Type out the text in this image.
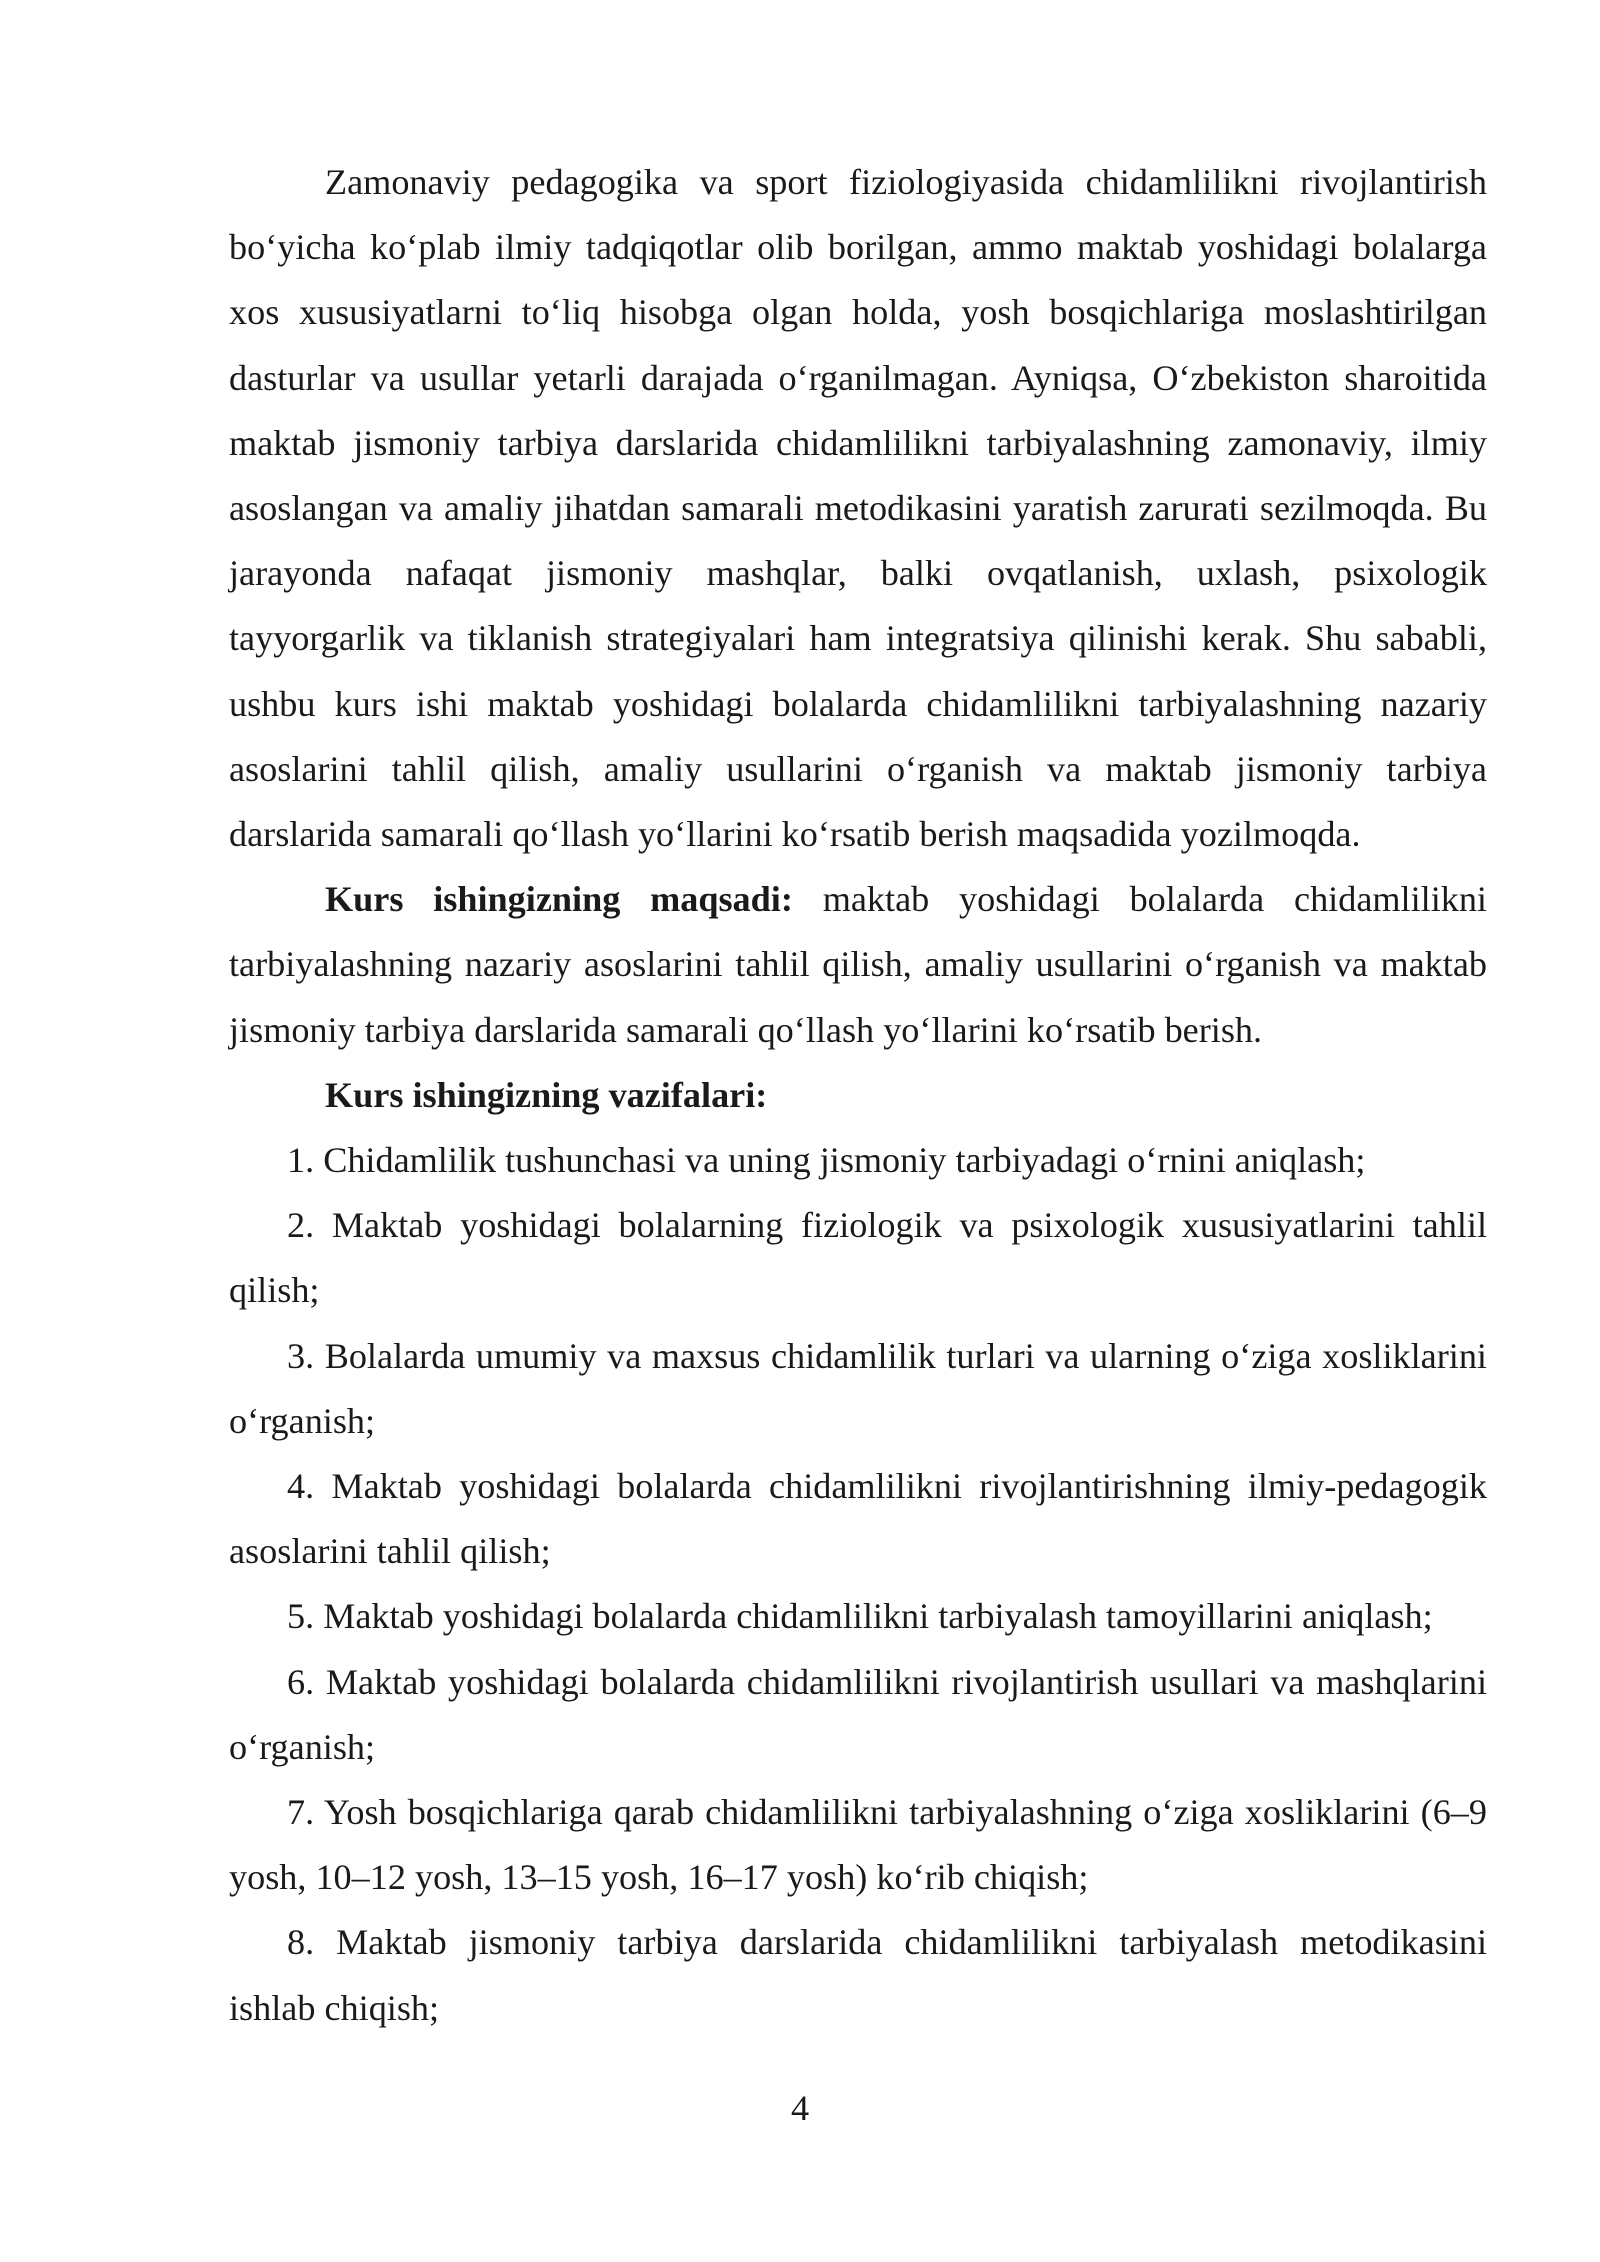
Zamonaviy pedagogika va sport fiziologiyasida chidamlilikni rivojlantirish bo‘yicha ko‘plab ilmiy tadqiqotlar olib borilgan, ammo maktab yoshidagi bolalarga xos xususiyatlarni to‘liq hisobga olgan holda, yosh bosqichlariga moslashtirilgan dasturlar va usullar yetarli darajada o‘rganilmagan. Ayniqsa, O‘zbekiston sharoitida maktab jismoniy tarbiya darslarida chidamlilikni tarbiyalashning zamonaviy, ilmiy asoslangan va amaliy jihatdan samarali metodikasini yaratish zarurati sezilmoqda. Bu jarayonda nafaqat jismoniy mashqlar, balki ovqatlanish, uxlash, psixologik tayyorgarlik va tiklanish strategiyalari ham integratsiya qilinishi kerak. Shu sababli, ushbu kurs ishi maktab yoshidagi bolalarda chidamlilikni tarbiyalashning nazariy asoslarini tahlil qilish, amaliy usullarini o‘rganish va maktab jismoniy tarbiya darslarida samarali qo‘llash yo‘llarini ko‘rsatib berish maqsadida yozilmoqda.

Kurs ishingizning maqsadi: maktab yoshidagi bolalarda chidamlilikni tarbiyalashning nazariy asoslarini tahlil qilish, amaliy usullarini o‘rganish va maktab jismoniy tarbiya darslarida samarali qo‘llash yo‘llarini ko‘rsatib berish.

Kurs ishingizning vazifalari:

1. Chidamlilik tushunchasi va uning jismoniy tarbiyadagi o‘rnini aniqlash;

2. Maktab yoshidagi bolalarning fiziologik va psixologik xususiyatlarini tahlil qilish;

3. Bolalarda umumiy va maxsus chidamlilik turlari va ularning o‘ziga xosliklarini o‘rganish;

4. Maktab yoshidagi bolalarda chidamlilikni rivojlantirishning ilmiy-pedagogik asoslarini tahlil qilish;

5. Maktab yoshidagi bolalarda chidamlilikni tarbiyalash tamoyillarini aniqlash;

6. Maktab yoshidagi bolalarda chidamlilikni rivojlantirish usullari va mashqlarini o‘rganish;

7. Yosh bosqichlariga qarab chidamlilikni tarbiyalashning o‘ziga xosliklarini (6–9 yosh, 10–12 yosh, 13–15 yosh, 16–17 yosh) ko‘rib chiqish;

8. Maktab jismoniy tarbiya darslarida chidamlilikni tarbiyalash metodikasini ishlab chiqish;

4
